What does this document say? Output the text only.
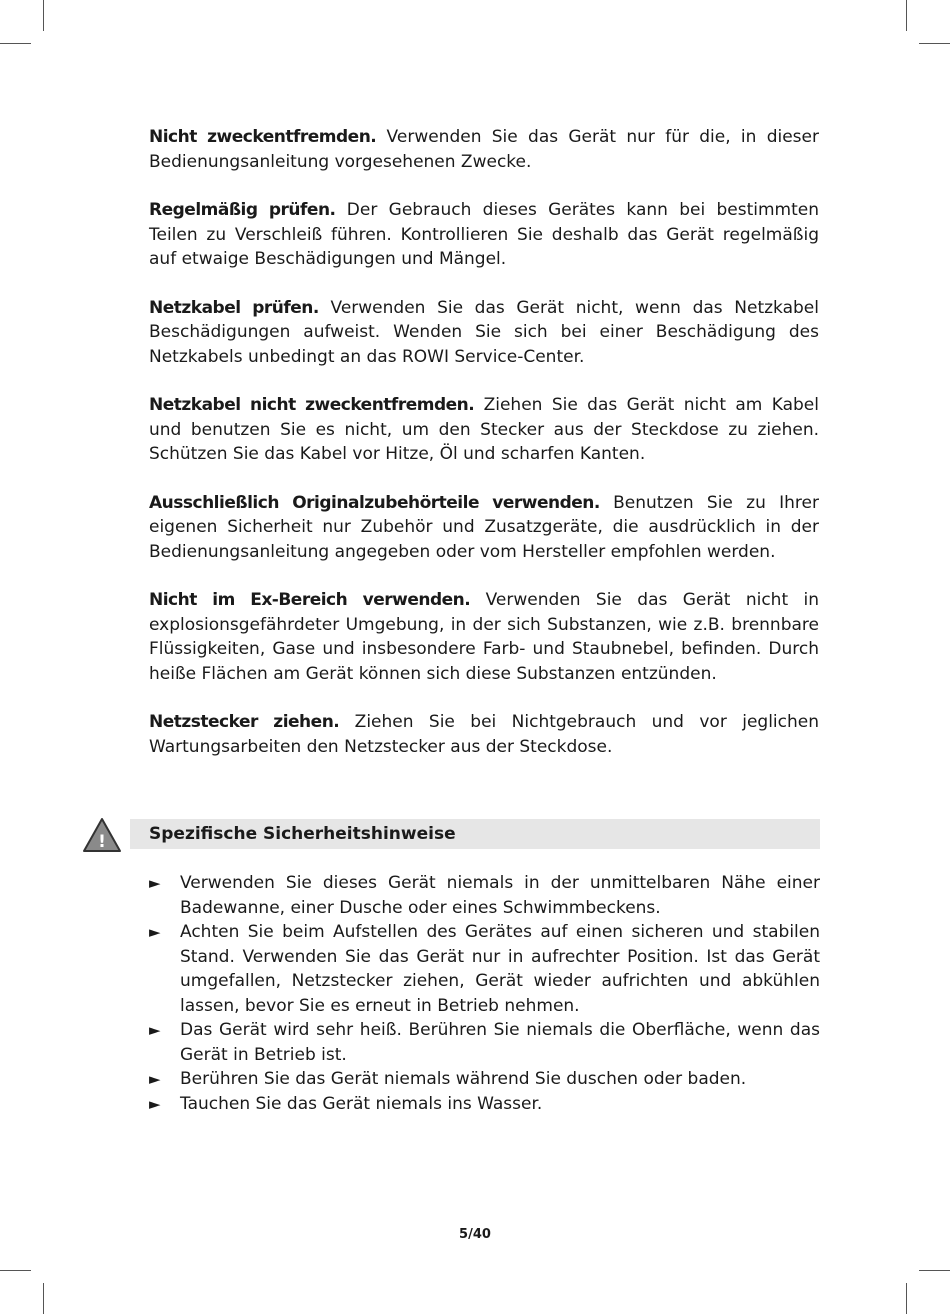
Nicht zweckentfremden. Verwenden Sie das Gerät nur für die, in dieser Bedienungsanleitung vorgesehenen Zwecke.

Regelmäßig prüfen. Der Gebrauch dieses Gerätes kann bei bestimmten Teilen zu Verschleiß führen. Kontrollieren Sie deshalb das Gerät regelmäßig auf etwaige Beschädigungen und Mängel.

Netzkabel prüfen. Verwenden Sie das Gerät nicht, wenn das Netzkabel Beschädigungen aufweist. Wenden Sie sich bei einer Beschädigung des Netzkabels unbedingt an das ROWI Service-Center.

Netzkabel nicht zweckentfremden. Ziehen Sie das Gerät nicht am Kabel und benutzen Sie es nicht, um den Stecker aus der Steckdose zu ziehen. Schützen Sie das Kabel vor Hitze, Öl und scharfen Kanten.

Ausschließlich Originalzubehörteile verwenden. Benutzen Sie zu Ihrer eigenen Sicherheit nur Zubehör und Zusatzgeräte, die ausdrücklich in der Bedienungsanleitung angegeben oder vom Hersteller empfohlen werden.

Nicht im Ex-Bereich verwenden. Verwenden Sie das Gerät nicht in explosionsgefährdeter Umgebung, in der sich Substanzen, wie z.B. brennbare Flüssigkeiten, Gase und insbesondere Farb- und Staubnebel, befinden. Durch heiße Flächen am Gerät können sich diese Substanzen entzünden.

Netzstecker ziehen. Ziehen Sie bei Nichtgebrauch und vor jeglichen Wartungsarbeiten den Netzstecker aus der Steckdose.

!	Spezifische Sicherheitshinweise
► Verwenden Sie dieses Gerät niemals in der unmittelbaren Nähe einer Badewanne, einer Dusche oder eines Schwimmbeckens.
► Achten Sie beim Aufstellen des Gerätes auf einen sicheren und stabilen Stand. Verwenden Sie das Gerät nur in aufrechter Position. Ist das Gerät umgefallen, Netzstecker ziehen, Gerät wieder aufrichten und abkühlen lassen, bevor Sie es erneut in Betrieb nehmen.
► Das Gerät wird sehr heiß. Berühren Sie niemals die Oberfläche, wenn das Gerät in Betrieb ist.
► Berühren Sie das Gerät niemals während Sie duschen oder baden.
► Tauchen Sie das Gerät niemals ins Wasser.
5/40
